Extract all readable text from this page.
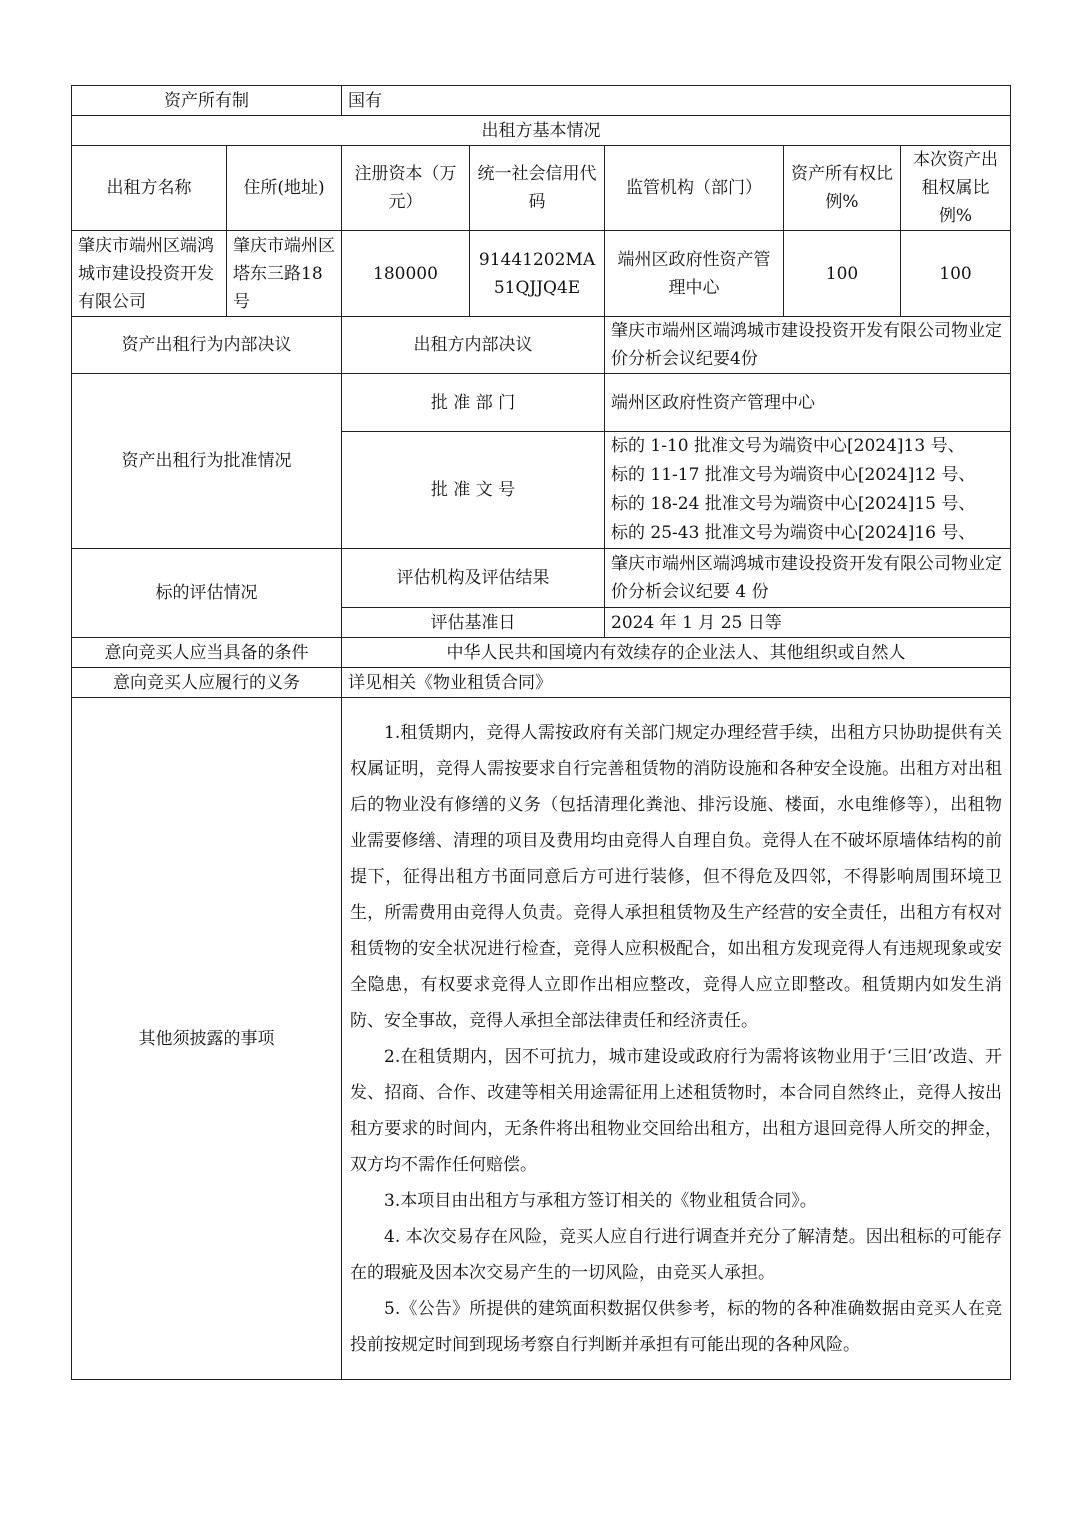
资产所有制		国有				
出租方基本情况						
出租方名称	住所(地址)	注册资本（万元）	统一社会信用代码	监管机构（部门）	资产所有权比例%	本次资产出租权属比例%
肇庆市端州区端鸿城市建设投资开发有限公司	肇庆市端州区塔东三路18号	180000	91441202MA51QJJQ4E	端州区政府性资产管理中心	100	100
资产出租行为内部决议		出租方内部决议		肇庆市端州区端鸿城市建设投资开发有限公司物业定价分析会议纪要4份		
资产出租行为批准情况		批 准 部 门		端州区政府性资产管理中心		
		批 准 文 号		标的 1-10 批准文号为端资中心[2024]13 号、
标的 11-17 批准文号为端资中心[2024]12 号、
标的 18-24 批准文号为端资中心[2024]15 号、
标的 25-43 批准文号为端资中心[2024]16 号、		

标的评估情况		评估机构及评估结果		肇庆市端州区端鸿城市建设投资开发有限公司物业定价分析会议纪要 4 份		
		评估基准日		2024 年 1 月 25 日等		
意向竞买人应当具备的条件		中华人民共和国境内有效续存的企业法人、其他组织或自然人				
意向竞买人应履行的义务		详见相关《物业租赁合同》				
其他须披露的事项		1.租赁期内，竞得人需按政府有关部门规定办理经营手续，出租方只协助提供有关权属证明，竞得人需按要求自行完善租赁物的消防设施和各种安全设施。出租方对出租后的物业没有修缮的义务（包括清理化粪池、排污设施、楼面，水电维修等），出租物业需要修缮、清理的项目及费用均由竞得人自理自负。竞得人在不破坏原墙体结构的前提下，征得出租方书面同意后方可进行装修，但不得危及四邻，不得影响周围环境卫生，所需费用由竞得人负责。竞得人承担租赁物及生产经营的安全责任，出租方有权对租赁物的安全状况进行检查，竞得人应积极配合，如出租方发现竞得人有违规现象或安全隐患，有权要求竞得人立即作出相应整改，竞得人应立即整改。租赁期内如发生消防、安全事故，竞得人承担全部法律责任和经济责任。

2.在租赁期内，因不可抗力，城市建设或政府行为需将该物业用于‘三旧’改造、开发、招商、合作、改建等相关用途需征用上述租赁物时，本合同自然终止，竞得人按出租方要求的时间内，无条件将出租物业交回给出租方，出租方退回竞得人所交的押金，双方均不需作任何赔偿。

3.本项目由出租方与承租方签订相关的《物业租赁合同》。

4. 本次交易存在风险，竞买人应自行进行调查并充分了解清楚。因出租标的可能存在的瑕疵及因本次交易产生的一切风险，由竞买人承担。

5.《公告》所提供的建筑面积数据仅供参考，标的物的各种准确数据由竞买人在竞投前按规定时间到现场考察自行判断并承担有可能出现的各种风险。				
